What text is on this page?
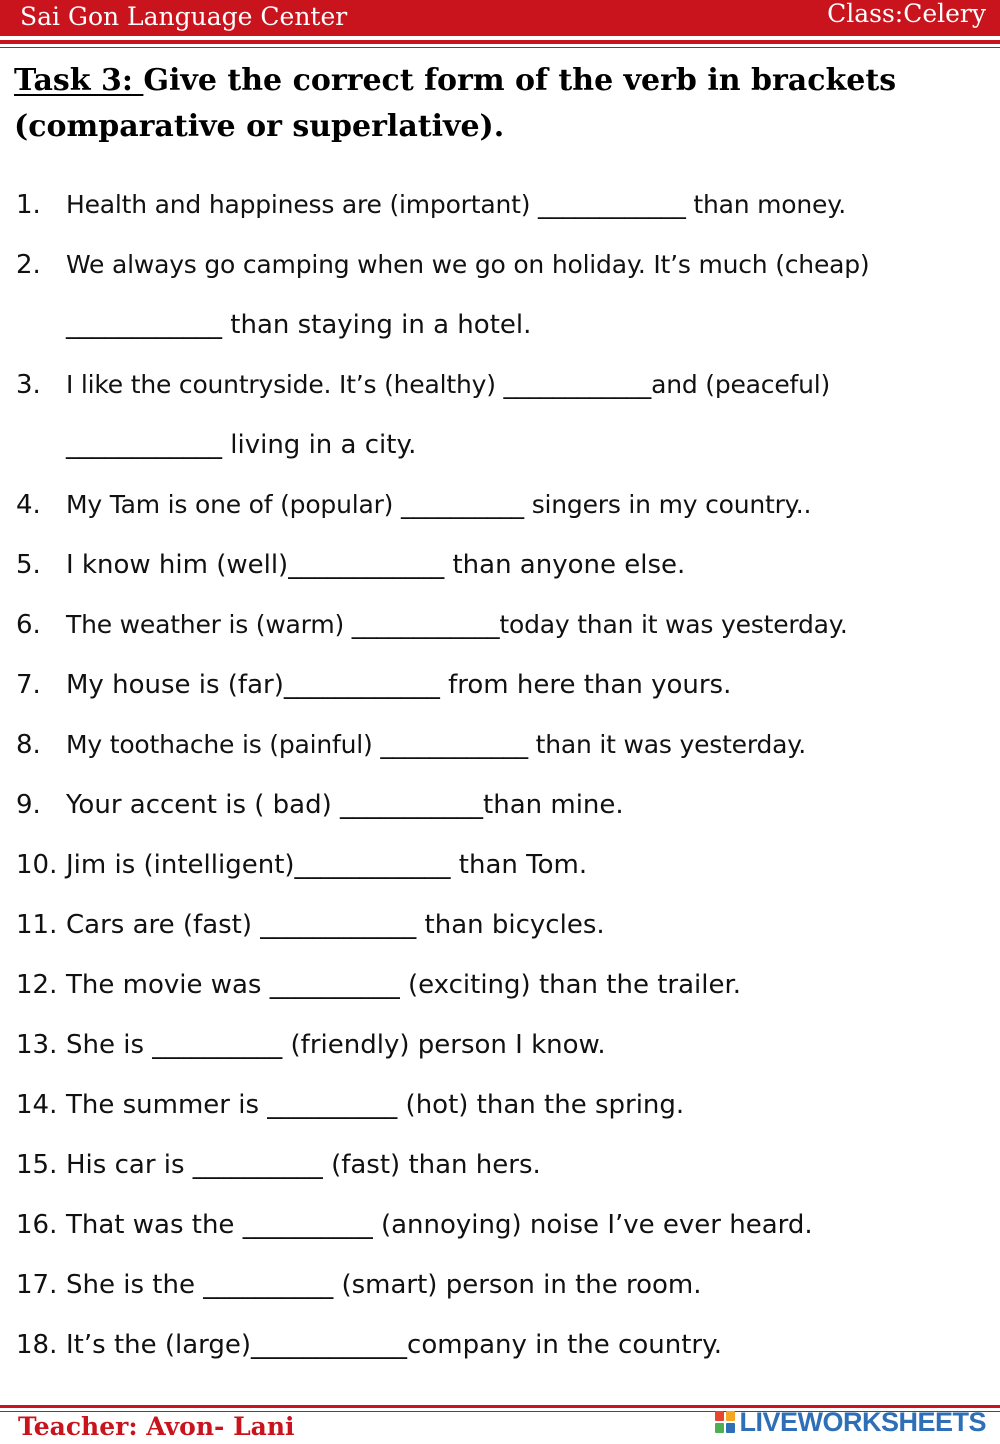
Sai Gon Language Center	Class:Celery
Task 3: Give the correct form of the verb in brackets (comparative or superlative).
1. Health and happiness are (important) ____________ than money.
2. We always go camping when we go on holiday. It’s much (cheap)
____________ than staying in a hotel.
3. I like the countryside. It’s (healthy) ____________and (peaceful)
____________ living in a city.
4. My Tam is one of (popular) __________ singers in my country..
5. I know him (well)____________ than anyone else.
6. The weather is (warm) ____________today than it was yesterday.
7. My house is (far)____________ from here than yours.
8. My toothache is (painful) ____________ than it was yesterday.
9. Your accent is ( bad) ___________than mine.
10. Jim is (intelligent)____________ than Tom.
11. Cars are (fast) ____________ than bicycles.
12. The movie was __________ (exciting) than the trailer.
13. She is __________ (friendly) person I know.
14. The summer is __________ (hot) than the spring.
15. His car is __________ (fast) than hers.
16. That was the __________ (annoying) noise I’ve ever heard.
17. She is the __________ (smart) person in the room.
18. It’s the (large)____________company in the country.
Teacher: Avon- Lani	LIVEWORKSHEETS
